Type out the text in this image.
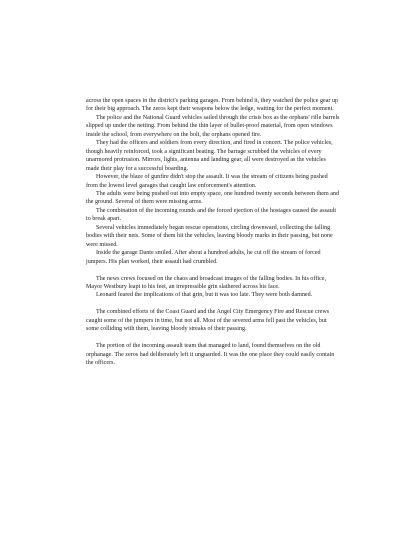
across the open spaces in the district's parking garages. From behind it, they watched the police gear up for their big approach. The zeros kept their weapons below the ledge, waiting for the perfect moment.

The police and the National Guard vehicles sailed through the crisis box as the orphans' rifle barrels slipped up under the netting. From behind the thin layer of bullet-proof material, from open windows inside the school, from everywhere on the bolt, the orphans opened fire.

They had the officers and soldiers from every direction, and fired in concert. The police vehicles, though heavily reinforced, took a significant beating. The barrage scrubbed the vehicles of every unarmored protrusion. Mirrors, lights, antenna and landing gear, all were destroyed as the vehicles made their play for a successful boarding.

However, the blaze of gunfire didn't stop the assault. It was the stream of citizens being pushed from the lowest level garages that caught law enforcement's attention.

The adults were being pushed out into empty space, one hundred twenty seconds between them and the ground. Several of them were missing arms.

The combination of the incoming rounds and the forced ejection of the hostages caused the assault to break apart.

Several vehicles immediately began rescue operations, circling downward, collecting the falling bodies with their nets. Some of them hit the vehicles, leaving bloody marks in their passing, but none were missed.

Inside the garage Dante smiled. After about a hundred adults, he cut off the stream of forced jumpers. His plan worked, their assault had crumbled.

The news crews focused on the chaos and broadcast images of the falling bodies. In his office, Mayor Westbury leapt to his feet, an irrepressible grin slathered across his face.

Leonard feared the implications of that grin, but it was too late. They were both damned.

The combined efforts of the Coast Guard and the Angel City Emergency Fire and Rescue crews caught some of the jumpers in time, but not all. Most of the severed arms fell past the vehicles, but some colliding with them, leaving bloody streaks of their passing.

The portion of the incoming assault team that managed to land, found themselves on the old orphanage. The zeros had deliberately left it unguarded. It was the one place they could easily contain the officers.
